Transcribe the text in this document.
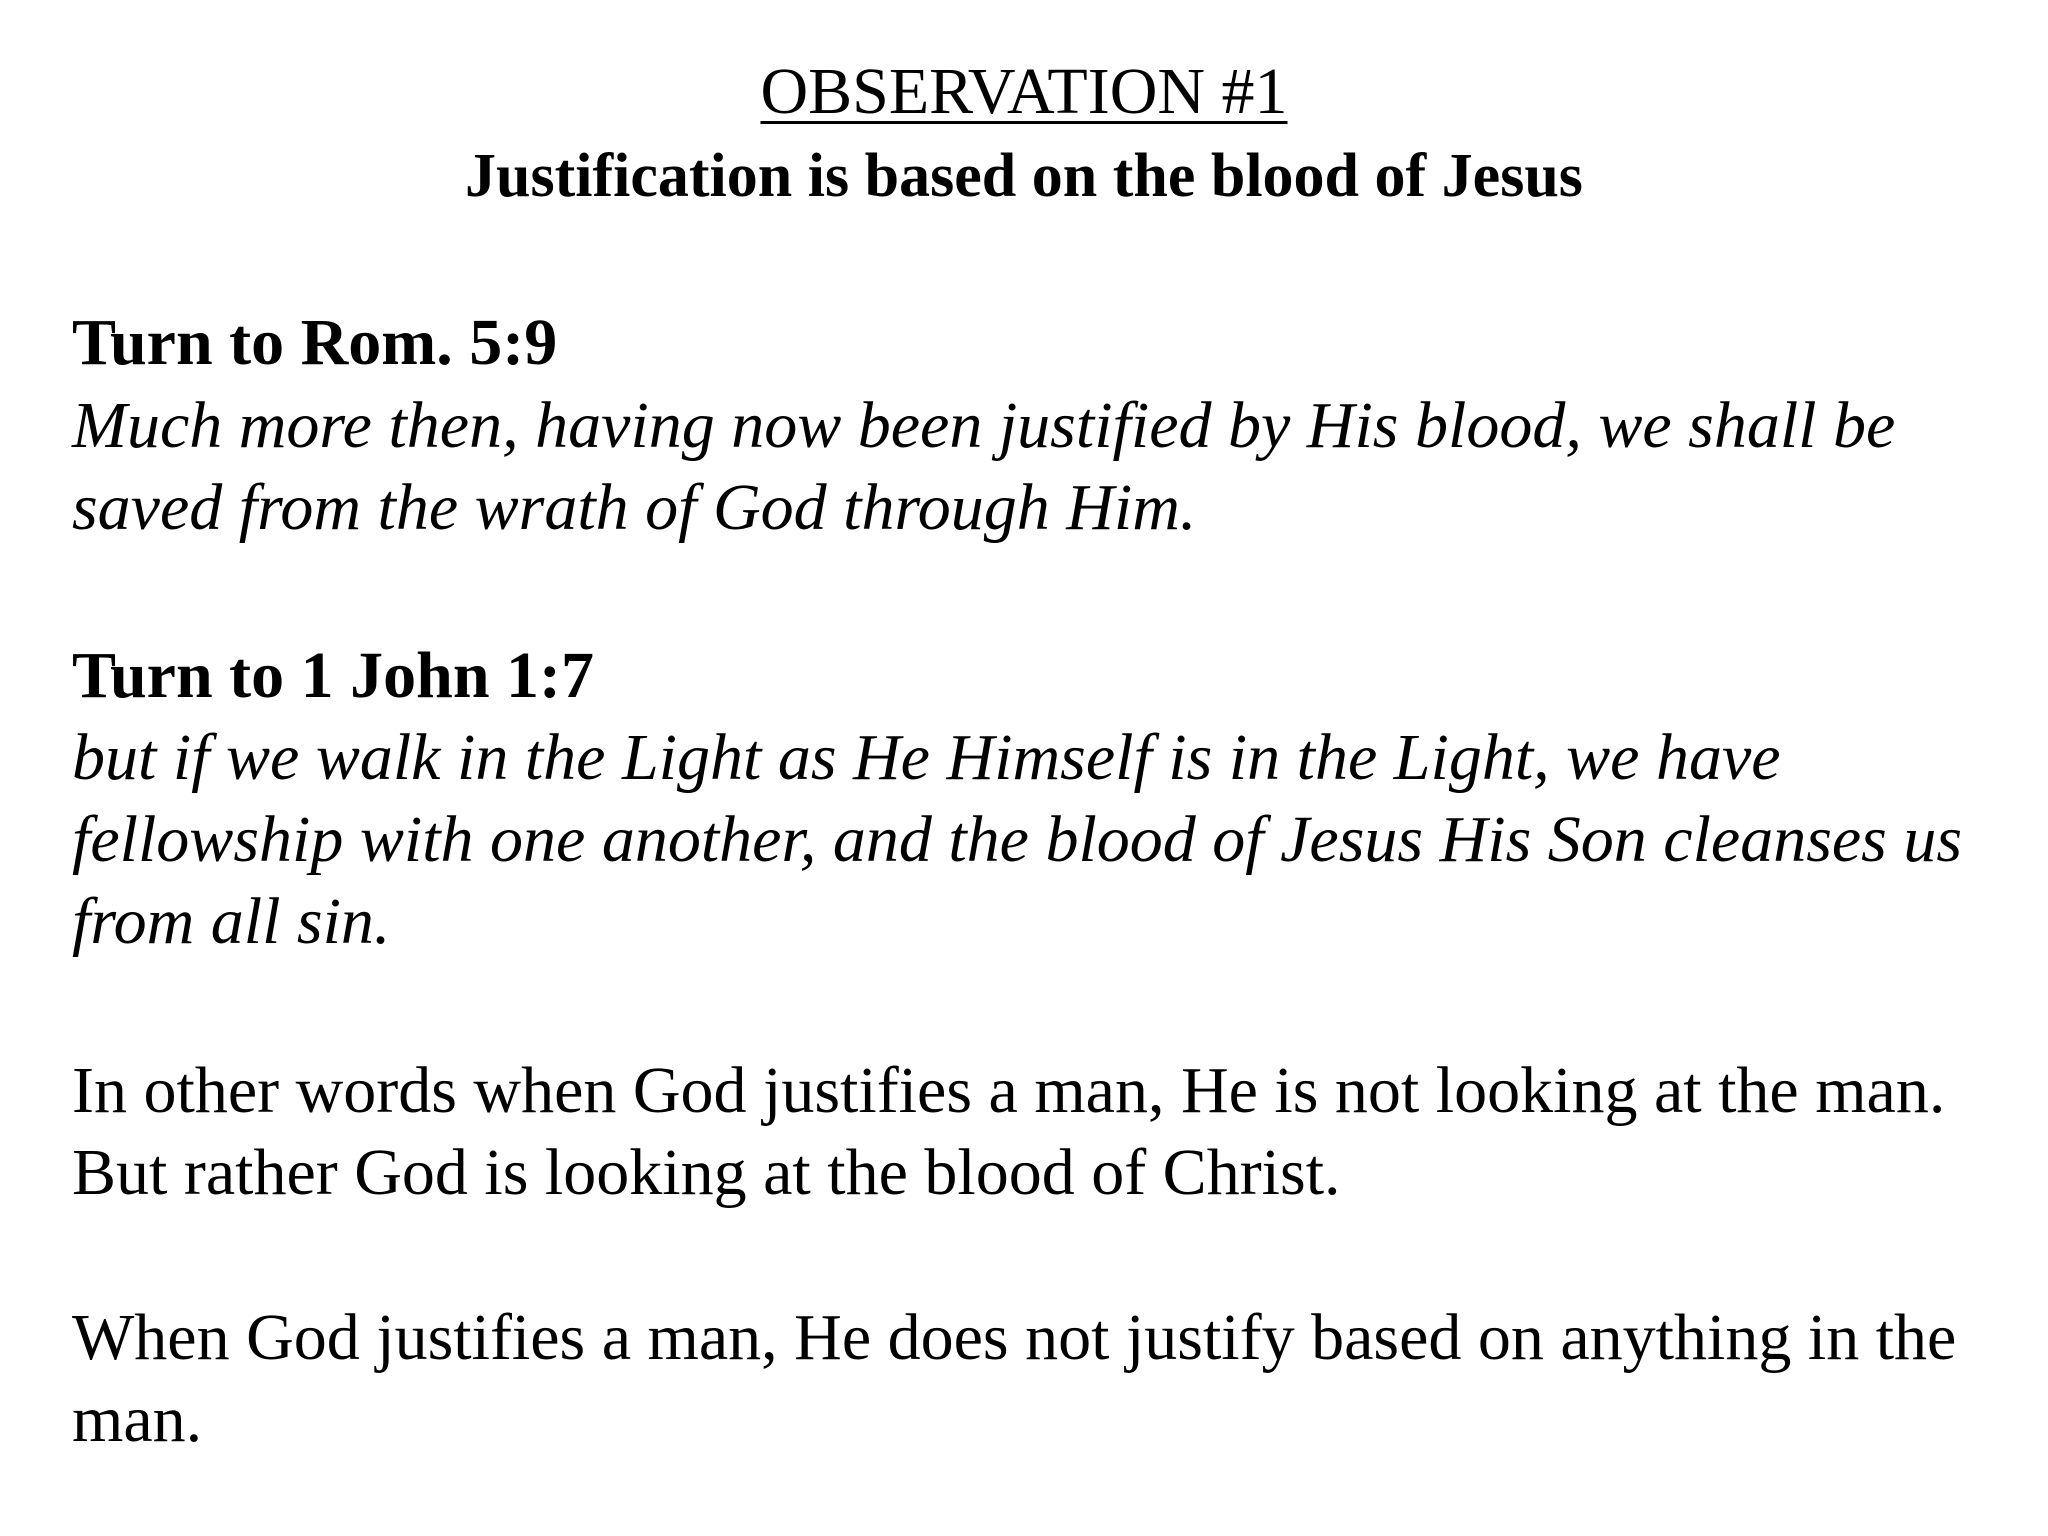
OBSERVATION #1
Justification is based on the blood of Jesus
Turn to Rom. 5:9
Much more then, having now been justified by His blood, we shall be saved from the wrath of God through Him.
Turn to 1 John 1:7
but if we walk in the Light as He Himself is in the Light, we have fellowship with one another, and the blood of Jesus His Son cleanses us from all sin.
In other words when God justifies a man, He is not looking at the man. But rather God is looking at the blood of Christ.
When God justifies a man, He does not justify based on anything in the man.
